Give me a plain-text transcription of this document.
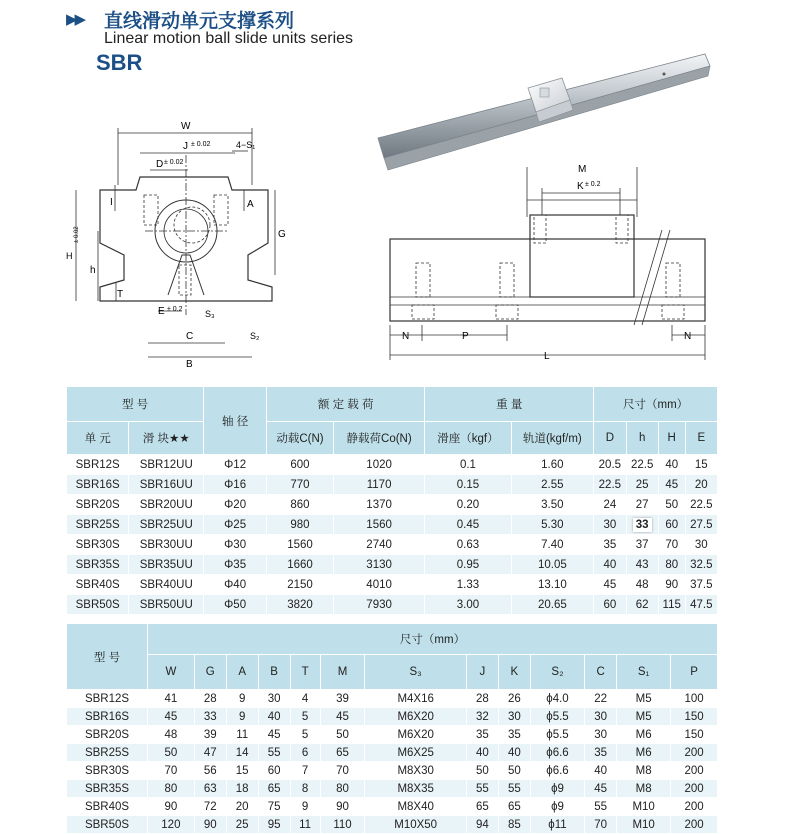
▶▶ 直线滑动单元支撑系列
Linear motion ball slide units series
SBR
W
J ± 0.02	4−S₁
D ± 0.02
I	A
G
H
± 0.02
h
T
E ± 0.2 S₃
S₂
C
B
M
K ± 0.2
N	P	N
L
型 号		轴 径	额 定 载 荷		重 量		尺寸（mm）			
单 元	滑 块★★		动载C(N)	静载荷Co(N)	滑座（kgf）	轨道(kgf/m)	D	h	H	E
SBR12S	SBR12UU	Φ12	600	1020	0.1	1.60	20.5	22.5	40	15
SBR16S	SBR16UU	Φ16	770	1170	0.15	2.55	22.5	25	45	20
SBR20S	SBR20UU	Φ20	860	1370	0.20	3.50	24	27	50	22.5
SBR25S	SBR25UU	Φ25	980	1560	0.45	5.30	30	33	60	27.5
SBR30S	SBR30UU	Φ30	1560	2740	0.63	7.40	35	37	70	30
SBR35S	SBR35UU	Φ35	1660	3130	0.95	10.05	40	43	80	32.5
SBR40S	SBR40UU	Φ40	2150	4010	1.33	13.10	45	48	90	37.5
SBR50S	SBR50UU	Φ50	3820	7930	3.00	20.65	60	62	115	47.5
型 号	尺寸（mm）												
	W	G	A	B	T	M	S₃	J	K	S₂	C	S₁	P
SBR12S	41	28	9	30	4	39	M4X16	28	26	ϕ4.0	22	M5	100
SBR16S	45	33	9	40	5	45	M6X20	32	30	ϕ5.5	30	M5	150
SBR20S	48	39	11	45	5	50	M6X20	35	35	ϕ5.5	30	M6	150
SBR25S	50	47	14	55	6	65	M6X25	40	40	ϕ6.6	35	M6	200
SBR30S	70	56	15	60	7	70	M8X30	50	50	ϕ6.6	40	M8	200
SBR35S	80	63	18	65	8	80	M8X35	55	55	ϕ9	45	M8	200
SBR40S	90	72	20	75	9	90	M8X40	65	65	ϕ9	55	M10	200
SBR50S	120	90	25	95	11	110	M10X50	94	85	ϕ11	70	M10	200
